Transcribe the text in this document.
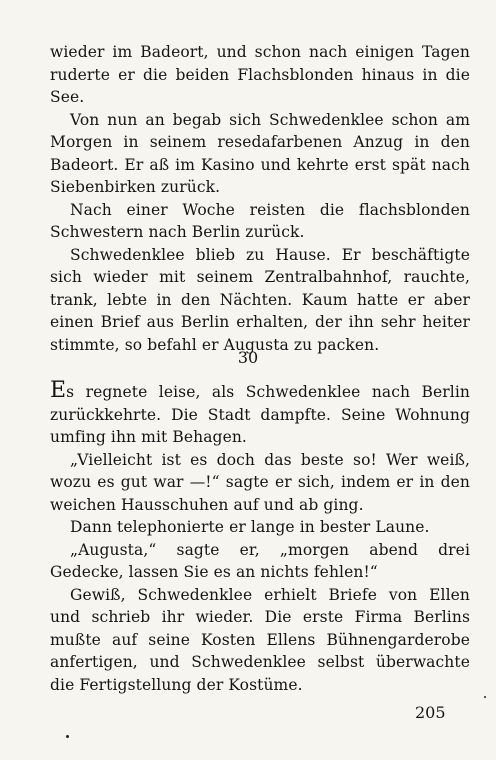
wieder im Badeort, und schon nach einigen Tagen ruderte er die beiden Flachsblonden hinaus in die See.

Von nun an begab sich Schwedenklee schon am Morgen in seinem resedafarbenen Anzug in den Badeort. Er aß im Kasino und kehrte erst spät nach Siebenbirken zurück.

Nach einer Woche reisten die flachsblonden Schwestern nach Berlin zurück.

Schwedenklee blieb zu Hause. Er beschäftigte sich wieder mit seinem Zentralbahnhof, rauchte, trank, lebte in den Nächten. Kaum hatte er aber einen Brief aus Berlin erhalten, der ihn sehr heiter stimmte, so befahl er Augusta zu packen.

30

Es regnete leise, als Schwedenklee nach Berlin zurückkehrte. Die Stadt dampfte. Seine Wohnung umfing ihn mit Behagen.

„Vielleicht ist es doch das beste so! Wer weiß, wozu es gut war —!“ sagte er sich, indem er in den weichen Hausschuhen auf und ab ging.

Dann telephonierte er lange in bester Laune.

„Augusta,“ sagte er, „morgen abend drei Gedecke, lassen Sie es an nichts fehlen!“

Gewiß, Schwedenklee erhielt Briefe von Ellen und schrieb ihr wieder. Die erste Firma Berlins mußte auf seine Kosten Ellens Bühnengarderobe anfertigen, und Schwedenklee selbst überwachte die Fertigstellung der Kostüme.

205
